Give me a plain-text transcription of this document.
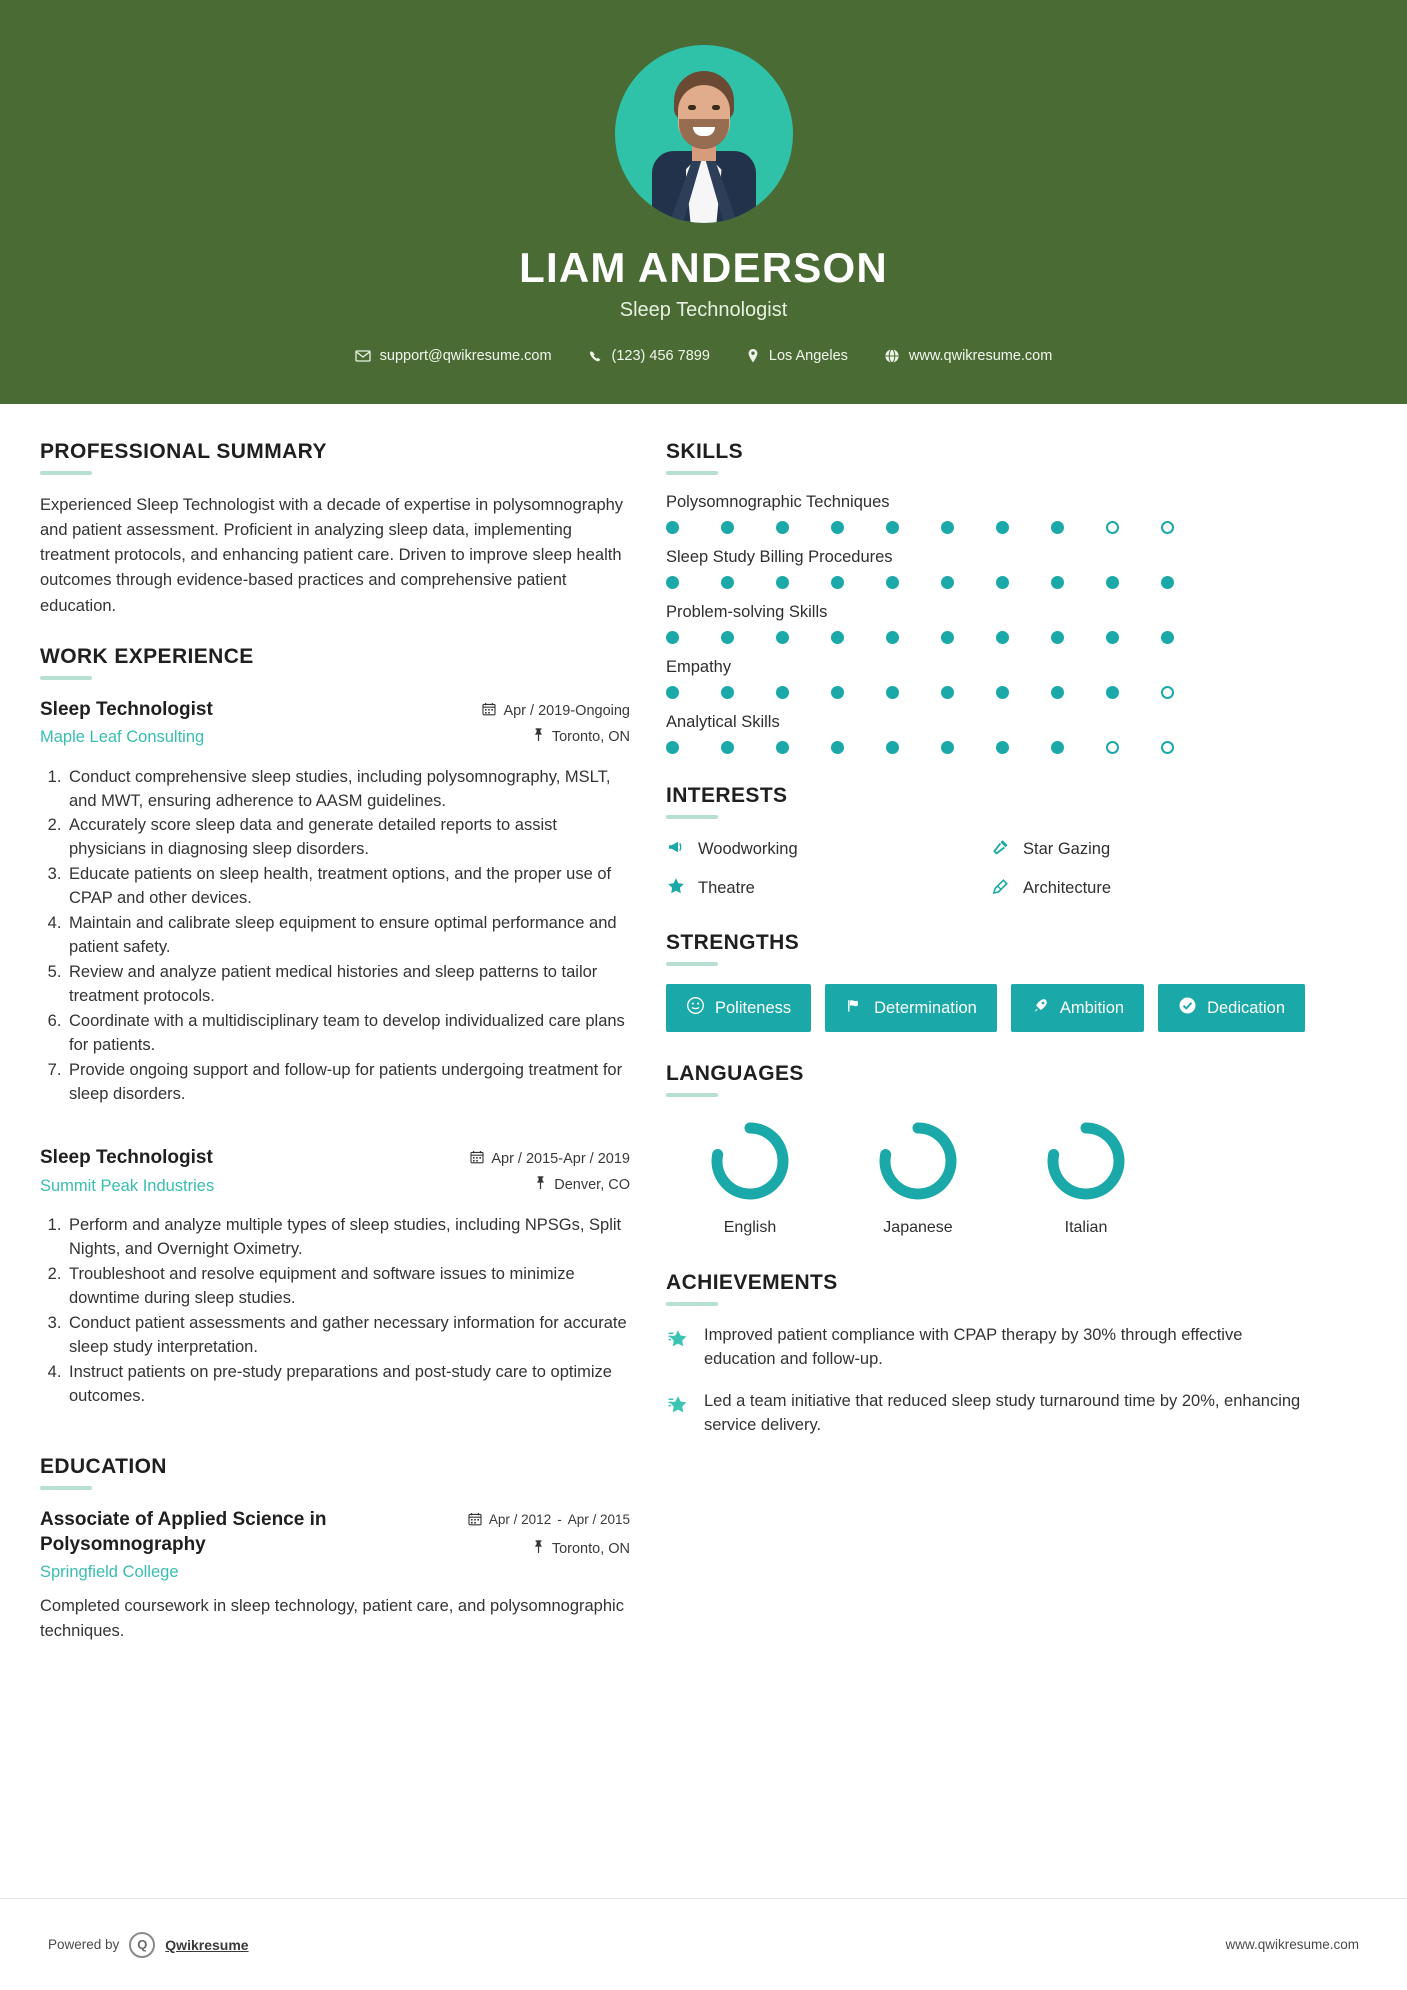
LIAM ANDERSON
Sleep Technologist
support@qwikresume.com	(123) 456 7899	Los Angeles	www.qwikresume.com
PROFESSIONAL SUMMARY
Experienced Sleep Technologist with a decade of expertise in polysomnography and patient assessment. Proficient in analyzing sleep data, implementing treatment protocols, and enhancing patient care. Driven to improve sleep health outcomes through evidence-based practices and comprehensive patient education.
WORK EXPERIENCE
Sleep Technologist
Maple Leaf Consulting
Apr / 2019-Ongoing
Toronto, ON
1. Conduct comprehensive sleep studies, including polysomnography, MSLT, and MWT, ensuring adherence to AASM guidelines.
2. Accurately score sleep data and generate detailed reports to assist physicians in diagnosing sleep disorders.
3. Educate patients on sleep health, treatment options, and the proper use of CPAP and other devices.
4. Maintain and calibrate sleep equipment to ensure optimal performance and patient safety.
5. Review and analyze patient medical histories and sleep patterns to tailor treatment protocols.
6. Coordinate with a multidisciplinary team to develop individualized care plans for patients.
7. Provide ongoing support and follow-up for patients undergoing treatment for sleep disorders.
Sleep Technologist
Summit Peak Industries
Apr / 2015-Apr / 2019
Denver, CO
1. Perform and analyze multiple types of sleep studies, including NPSGs, Split Nights, and Overnight Oximetry.
2. Troubleshoot and resolve equipment and software issues to minimize downtime during sleep studies.
3. Conduct patient assessments and gather necessary information for accurate sleep study interpretation.
4. Instruct patients on pre-study preparations and post-study care to optimize outcomes.
EDUCATION
Associate of Applied Science in Polysomnography
Springfield College
Apr / 2012 - Apr / 2015
Toronto, ON
Completed coursework in sleep technology, patient care, and polysomnographic techniques.
SKILLS
Polysomnographic Techniques
Sleep Study Billing Procedures
Problem-solving Skills
Empathy
Analytical Skills
INTERESTS
Woodworking	Star Gazing
Theatre	Architecture
STRENGTHS
Politeness	Determination	Ambition	Dedication
LANGUAGES
English	Japanese	Italian
ACHIEVEMENTS
Improved patient compliance with CPAP therapy by 30% through effective education and follow-up.
Led a team initiative that reduced sleep study turnaround time by 20%, enhancing service delivery.
Powered by	Q	Qwikresume	www.qwikresume.com
